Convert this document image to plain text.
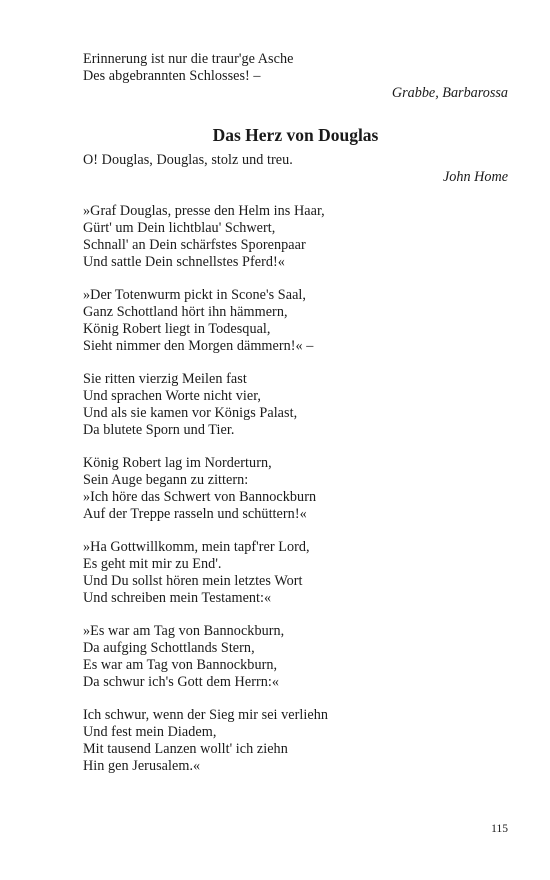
Erinnerung ist nur die traur'ge Asche
Des abgebrannten Schlosses! –
Grabbe, Barbarossa
Das Herz von Douglas
O! Douglas, Douglas, stolz und treu.
John Home
»Graf Douglas, presse den Helm ins Haar,
Gürt' um Dein lichtblau' Schwert,
Schnall' an Dein schärfstes Sporenpaar
Und sattle Dein schnellstes Pferd!«
»Der Totenwurm pickt in Scone's Saal,
Ganz Schottland hört ihn hämmern,
König Robert liegt in Todesqual,
Sieht nimmer den Morgen dämmern!« –
Sie ritten vierzig Meilen fast
Und sprachen Worte nicht vier,
Und als sie kamen vor Königs Palast,
Da blutete Sporn und Tier.
König Robert lag im Norderturn,
Sein Auge begann zu zittern:
»Ich höre das Schwert von Bannockburn
Auf der Treppe rasseln und schüttern!«
»Ha Gottwillkomm, mein tapf'rer Lord,
Es geht mit mir zu End'.
Und Du sollst hören mein letztes Wort
Und schreiben mein Testament:«
»Es war am Tag von Bannockburn,
Da aufging Schottlands Stern,
Es war am Tag von Bannockburn,
Da schwur ich's Gott dem Herrn:«
Ich schwur, wenn der Sieg mir sei verliehn
Und fest mein Diadem,
Mit tausend Lanzen wollt' ich ziehn
Hin gen Jerusalem.«
115
